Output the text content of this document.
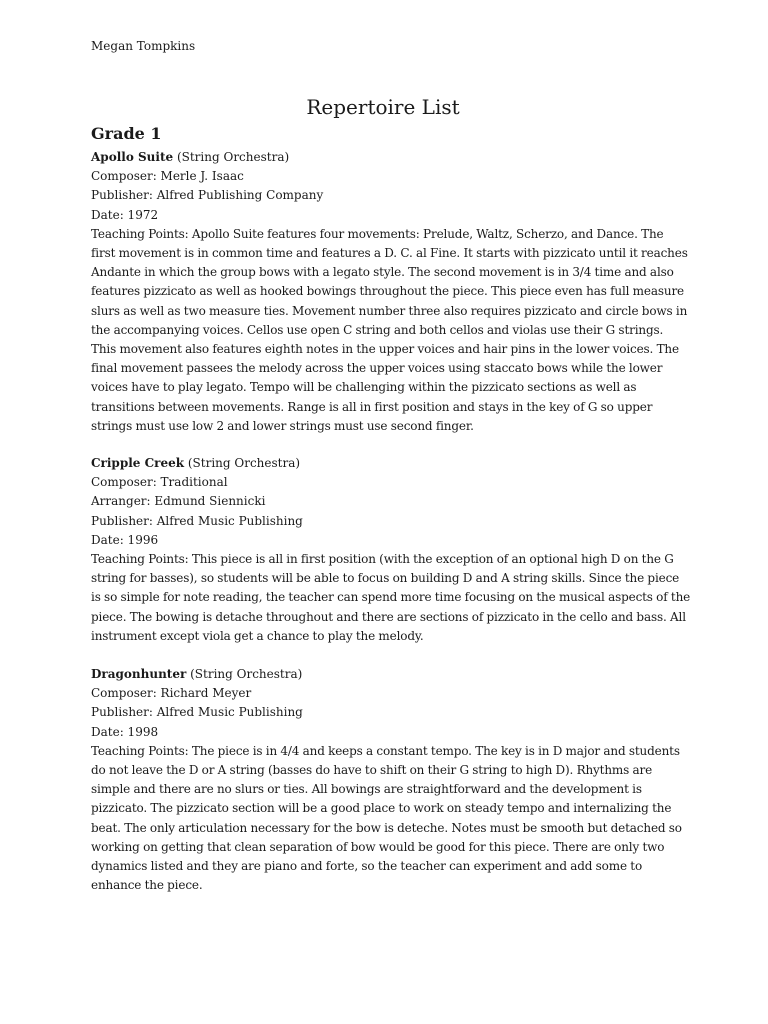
Megan Tompkins
Repertoire List
Grade 1
Apollo Suite (String Orchestra)
Composer: Merle J. Isaac
Publisher: Alfred Publishing Company
Date: 1972
Teaching Points: Apollo Suite features four movements: Prelude, Waltz, Scherzo, and Dance. The first movement is in common time and features a D. C. al Fine. It starts with pizzicato until it reaches Andante in which the group bows with a legato style. The second movement is in 3/4 time and also features pizzicato as well as hooked bowings throughout the piece. This piece even has full measure slurs as well as two measure ties. Movement number three also requires pizzicato and circle bows in the accompanying voices. Cellos use open C string and both cellos and violas use their G strings. This movement also features eighth notes in the upper voices and hair pins in the lower voices. The final movement passees the melody across the upper voices using staccato bows while the lower voices have to play legato. Tempo will be challenging within the pizzicato sections as well as transitions between movements. Range is all in first position and stays in the key of G so upper strings must use low 2 and lower strings must use second finger.
Cripple Creek (String Orchestra)
Composer: Traditional
Arranger: Edmund Siennicki
Publisher: Alfred Music Publishing
Date: 1996
Teaching Points: This piece is all in first position (with the exception of an optional high D on the G string for basses), so students will be able to focus on building D and A string skills. Since the piece is so simple for note reading, the teacher can spend more time focusing on the musical aspects of the piece. The bowing is detache throughout and there are sections of pizzicato in the cello and bass. All instrument except viola get a chance to play the melody.
Dragonhunter (String Orchestra)
Composer: Richard Meyer
Publisher: Alfred Music Publishing
Date: 1998
Teaching Points: The piece is in 4/4 and keeps a constant tempo. The key is in D major and students do not leave the D or A string (basses do have to shift on their G string to high D). Rhythms are simple and there are no slurs or ties. All bowings are straightforward and the development is pizzicato. The pizzicato section will be a good place to work on steady tempo and internalizing the beat. The only articulation necessary for the bow is deteche. Notes must be smooth but detached so working on getting that clean separation of bow would be good for this piece. There are only two dynamics listed and they are piano and forte, so the teacher can experiment and add some to enhance the piece.
